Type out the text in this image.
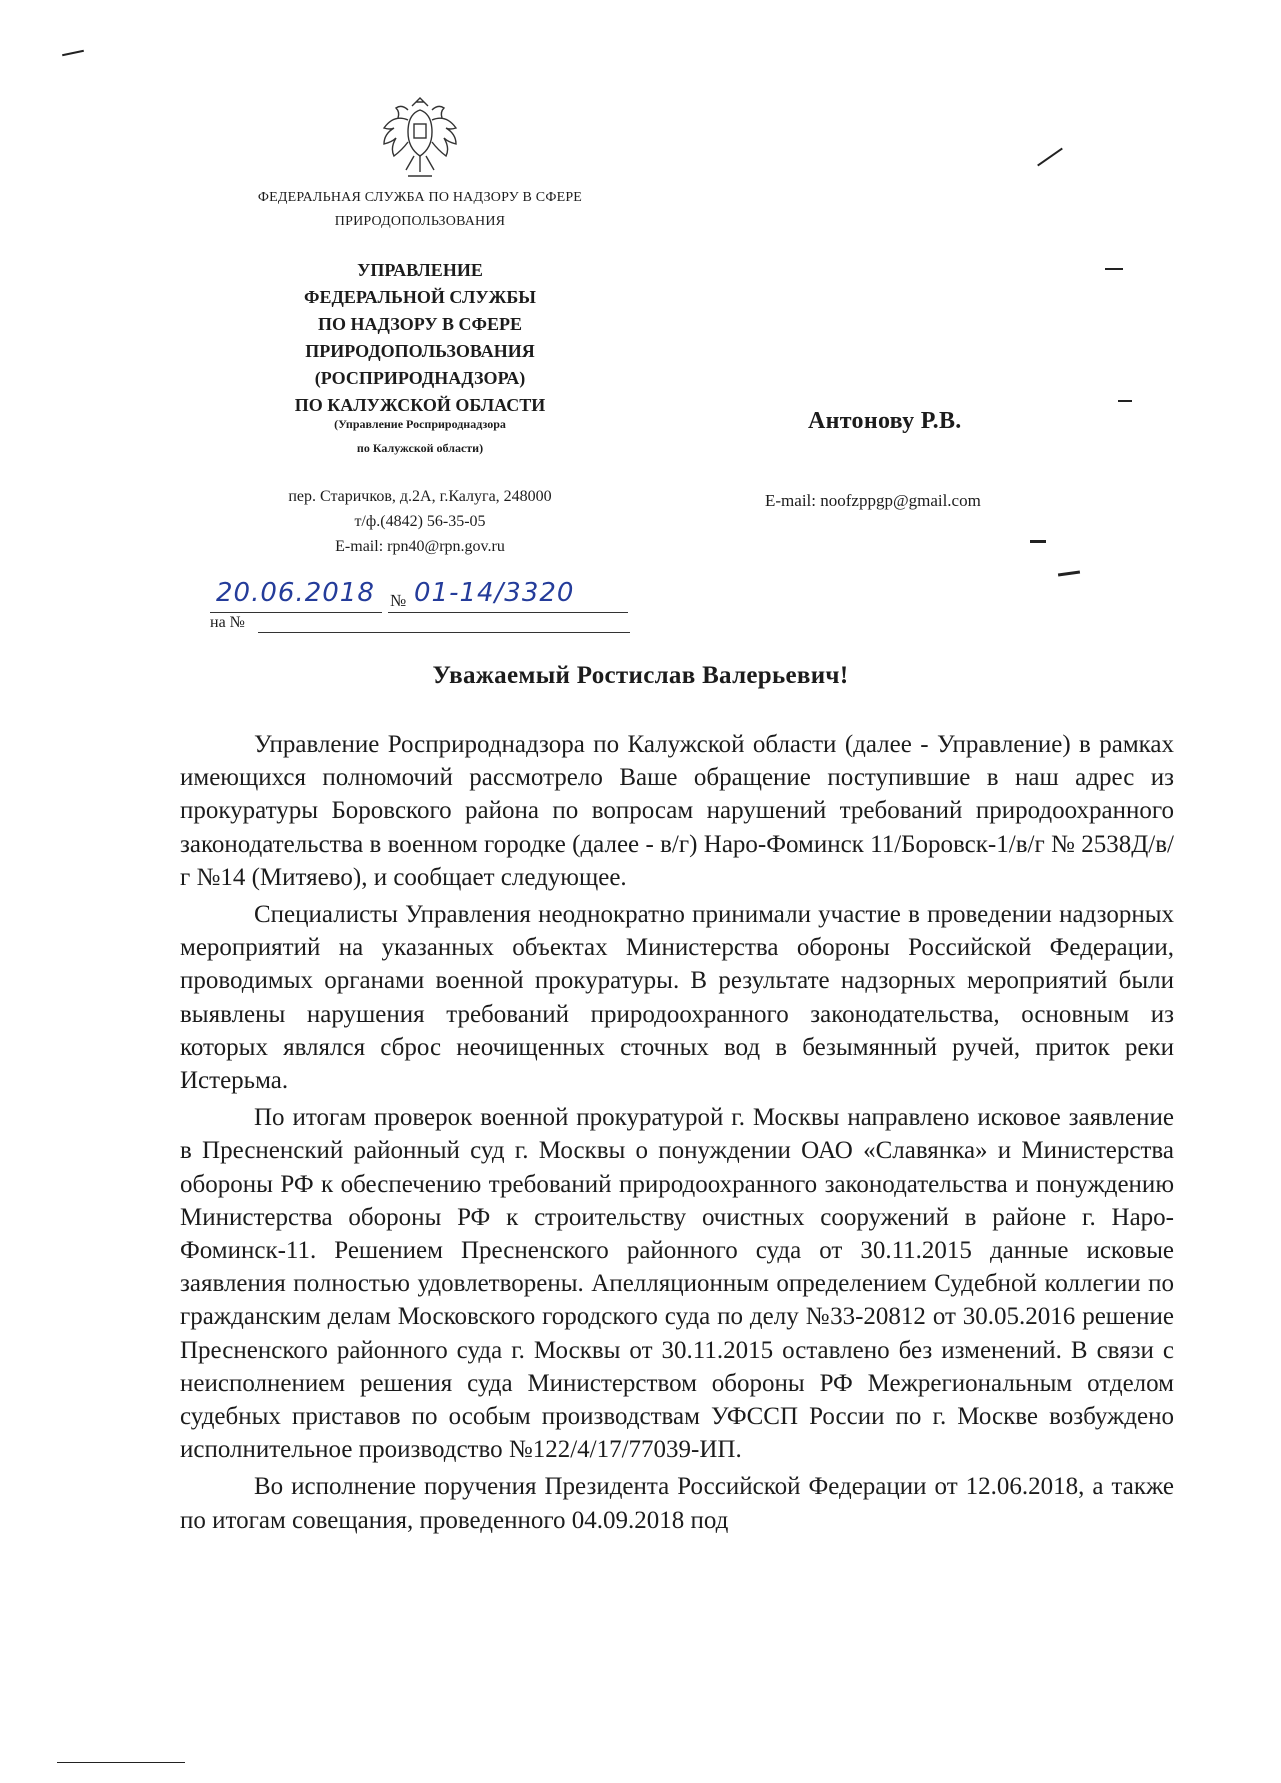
ФЕДЕРАЛЬНАЯ СЛУЖБА ПО НАДЗОРУ В СФЕРЕ
ПРИРОДОПОЛЬЗОВАНИЯ
УПРАВЛЕНИЕ
ФЕДЕРАЛЬНОЙ СЛУЖБЫ
ПО НАДЗОРУ В СФЕРЕ
ПРИРОДОПОЛЬЗОВАНИЯ
(РОСПРИРОДНАДЗОРА)
ПО КАЛУЖСКОЙ ОБЛАСТИ
(Управление Росприроднадзора
по Калужской области)
пер. Старичков, д.2А, г.Калуга, 248000
т/ф.(4842) 56-35-05
E-mail: rpn40@rpn.gov.ru
20.06.2018 № 01-14/3320
на №
Антонову Р.В.
E-mail: noofzppgp@gmail.com
Уважаемый Ростислав Валерьевич!

Управление Росприроднадзора по Калужской области (далее - Управление) в рамках имеющихся полномочий рассмотрело Ваше обращение поступившие в наш адрес из прокуратуры Боровского района по вопросам нарушений требований природоохранного законодательства в военном городке (далее - в/г) Наро-Фоминск 11/Боровск-1/в/г № 2538Д/в/г №14 (Митяево), и сообщает следующее.

Специалисты Управления неоднократно принимали участие в проведении надзорных мероприятий на указанных объектах Министерства обороны Российской Федерации, проводимых органами военной прокуратуры. В результате надзорных мероприятий были выявлены нарушения требований природоохранного законодательства, основным из которых являлся сброс неочищенных сточных вод в безымянный ручей, приток реки Истерьма.

По итогам проверок военной прокуратурой г. Москвы направлено исковое заявление в Пресненский районный суд г. Москвы о понуждении ОАО «Славянка» и Министерства обороны РФ к обеспечению требований природоохранного законодательства и понуждению Министерства обороны РФ к строительству очистных сооружений в районе г. Наро-Фоминск-11. Решением Пресненского районного суда от 30.11.2015 данные исковые заявления полностью удовлетворены. Апелляционным определением Судебной коллегии по гражданским делам Московского городского суда по делу №33-20812 от 30.05.2016 решение Пресненского районного суда г. Москвы от 30.11.2015 оставлено без изменений. В связи с неисполнением решения суда Министерством обороны РФ Межрегиональным отделом судебных приставов по особым производствам УФССП России по г. Москве возбуждено исполнительное производство №122/4/17/77039-ИП.

Во исполнение поручения Президента Российской Федерации от 12.06.2018, а также по итогам совещания, проведенного 04.09.2018 под
